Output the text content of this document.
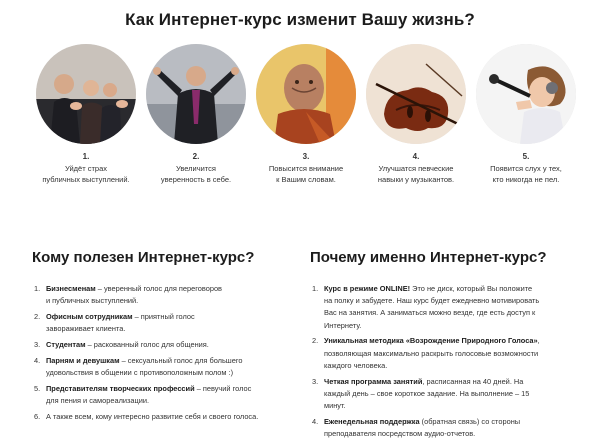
Как Интернет-курс изменит Вашу жизнь?
1.
Уйдёт страх
публичных выступлений.
2.
Увеличится
уверенность в себе.
3.
Повысится внимание
к Вашим словам.
4.
Улучшатся певческие
навыки у музыкантов.
5.
Появится слух у тех,
кто никогда не пел.
Кому полезен Интернет-курс?
1. Бизнесменам – уверенный голос для переговоров
и публичных выступлений.
2. Офисным сотрудникам – приятный голос
завораживает клиента.
3. Студентам – раскованный голос для общения.
4. Парням и девушкам – сексуальный голос для большего
удовольствия в общении с противоположным полом :)
5. Представителям творческих профессий – певучий голос
для пения и самореализации.
6. А также всем, кому интересно развитие себя и своего голоса.
Почему именно Интернет-курс?
1. Курс в режиме ONLINE! Это не диск, который Вы положите
на полку и забудете. Наш курс будет ежедневно мотивировать
Вас на занятия. А заниматься можно везде, где есть доступ к
Интернету.
2. Уникальная методика «Возрождение Природного Голоса»,
позволяющая максимально раскрыть голосовые возможности
каждого человека.
3. Четкая программа занятий, расписанная на 40 дней. На
каждый день – свое короткое задание. На выполнение – 15
минут.
4. Еженедельная поддержка (обратная связь) со стороны
преподавателя посредством аудио-отчетов.
